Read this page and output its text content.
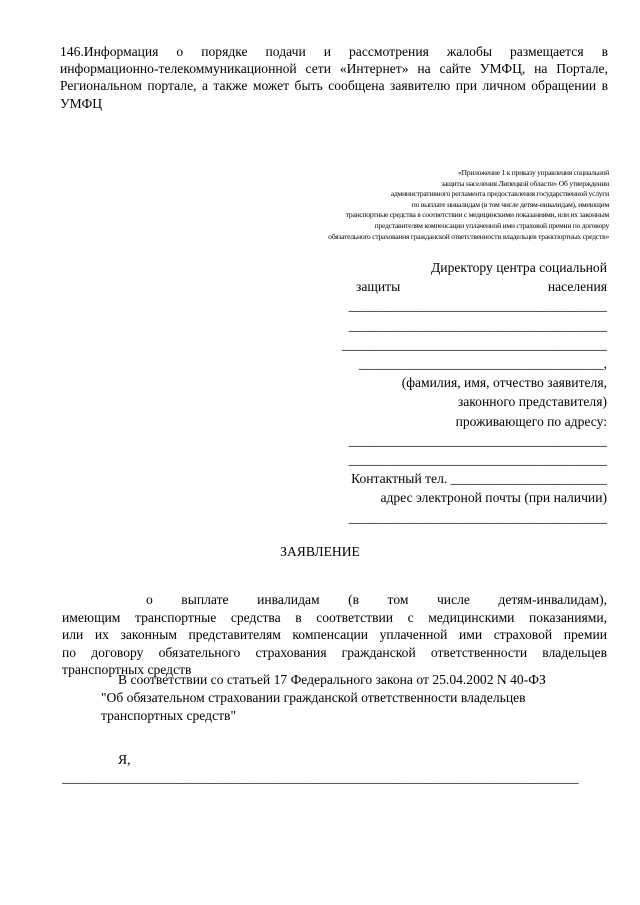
146.Информация о порядке подачи и рассмотрения жалобы размещается в
информационно-телекоммуникационной сети «Интернет» на сайте УМФЦ, на Портале,
Региональном портале, а также может быть сообщена заявителю при личном обращении в
УМФЦ
«Приложение 1 к приказу управления социальной
защиты населения Липецкой области» Об утверждении
административного регламента предоставления государственной услуги
по выплате инвалидам (в том числе детям-инвалидам), имеющим
транспортные средства в соответствии с медицинскими показаниями, или их законным
представителям компенсации уплаченной ими страховой премии по договору
обязательного страхования гражданской ответственности владельцев транспортных средств»
Директору центра социальной
защиты	населения
______________________________________
______________________________________
_______________________________________
____________________________________,
(фамилия, имя, отчество заявителя,
законного представителя)
проживающего по адресу:
______________________________________
______________________________________
Контактный тел. _______________________
адрес электроной почты (при наличии)
______________________________________
ЗАЯВЛЕНИЕ
о выплате инвалидам (в том числе детям-инвалидам),
имеющим транспортные средства в соответствии с медицинскими показаниями,
или их законным представителям компенсации уплаченной ими страховой премии
по договору обязательного страхования гражданской ответственности владельцев
транспортных средств
В соответствии со статьей 17 Федерального закона от 25.04.2002 N 40-ФЗ
"Об обязательном страховании гражданской ответственности владельцев
транспортных средств"
Я,
____________________________________________________________________________
